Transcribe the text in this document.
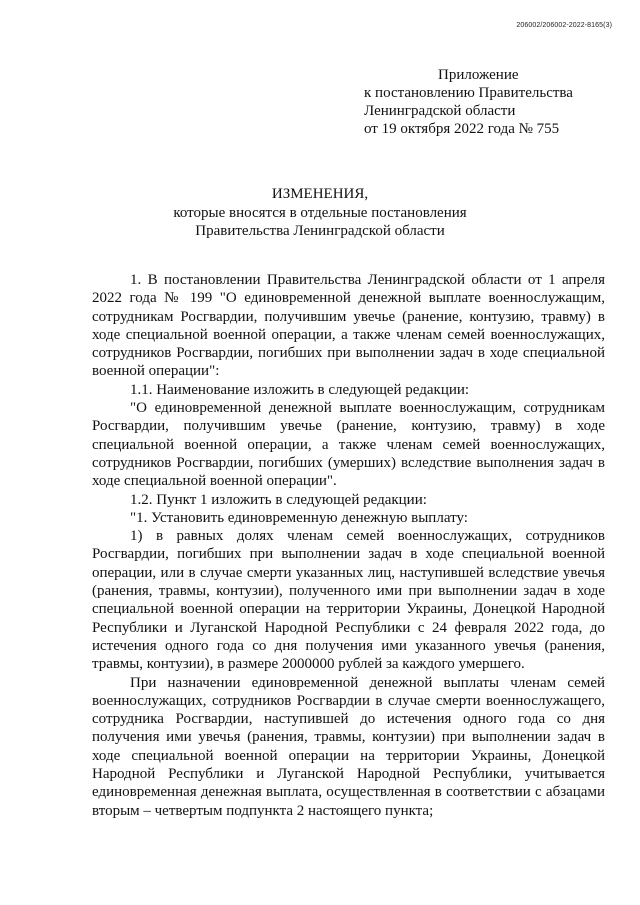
206002/206002-2022-8165(3)
Приложение
к постановлению Правительства
Ленинградской области
от 19 октября 2022 года № 755
ИЗМЕНЕНИЯ,
которые вносятся в отдельные постановления
Правительства Ленинградской области

1. В постановлении Правительства Ленинградской области от 1 апреля 2022 года № 199 "О единовременной денежной выплате военнослужащим, сотрудникам Росгвардии, получившим увечье (ранение, контузию, травму) в ходе специальной военной операции, а также членам семей военнослужащих, сотрудников Росгвардии, погибших при выполнении задач в ходе специальной военной операции":

1.1. Наименование изложить в следующей редакции:

"О единовременной денежной выплате военнослужащим, сотрудникам Росгвардии, получившим увечье (ранение, контузию, травму) в ходе специальной военной операции, а также членам семей военнослужащих, сотрудников Росгвардии, погибших (умерших) вследствие выполнения задач в ходе специальной военной операции".

1.2. Пункт 1 изложить в следующей редакции:

"1. Установить единовременную денежную выплату:

1) в равных долях членам семей военнослужащих, сотрудников Росгвардии, погибших при выполнении задач в ходе специальной военной операции, или в случае смерти указанных лиц, наступившей вследствие увечья (ранения, травмы, контузии), полученного ими при выполнении задач в ходе специальной военной операции на территории Украины, Донецкой Народной Республики и Луганской Народной Республики с 24 февраля 2022 года, до истечения одного года со дня получения ими указанного увечья (ранения, травмы, контузии), в размере 2000000 рублей за каждого умершего.

При назначении единовременной денежной выплаты членам семей военнослужащих, сотрудников Росгвардии в случае смерти военнослужащего, сотрудника Росгвардии, наступившей до истечения одного года со дня получения ими увечья (ранения, травмы, контузии) при выполнении задач в ходе специальной военной операции на территории Украины, Донецкой Народной Республики и Луганской Народной Республики, учитывается единовременная денежная выплата, осуществленная в соответствии с абзацами вторым – четвертым подпункта 2 настоящего пункта;
